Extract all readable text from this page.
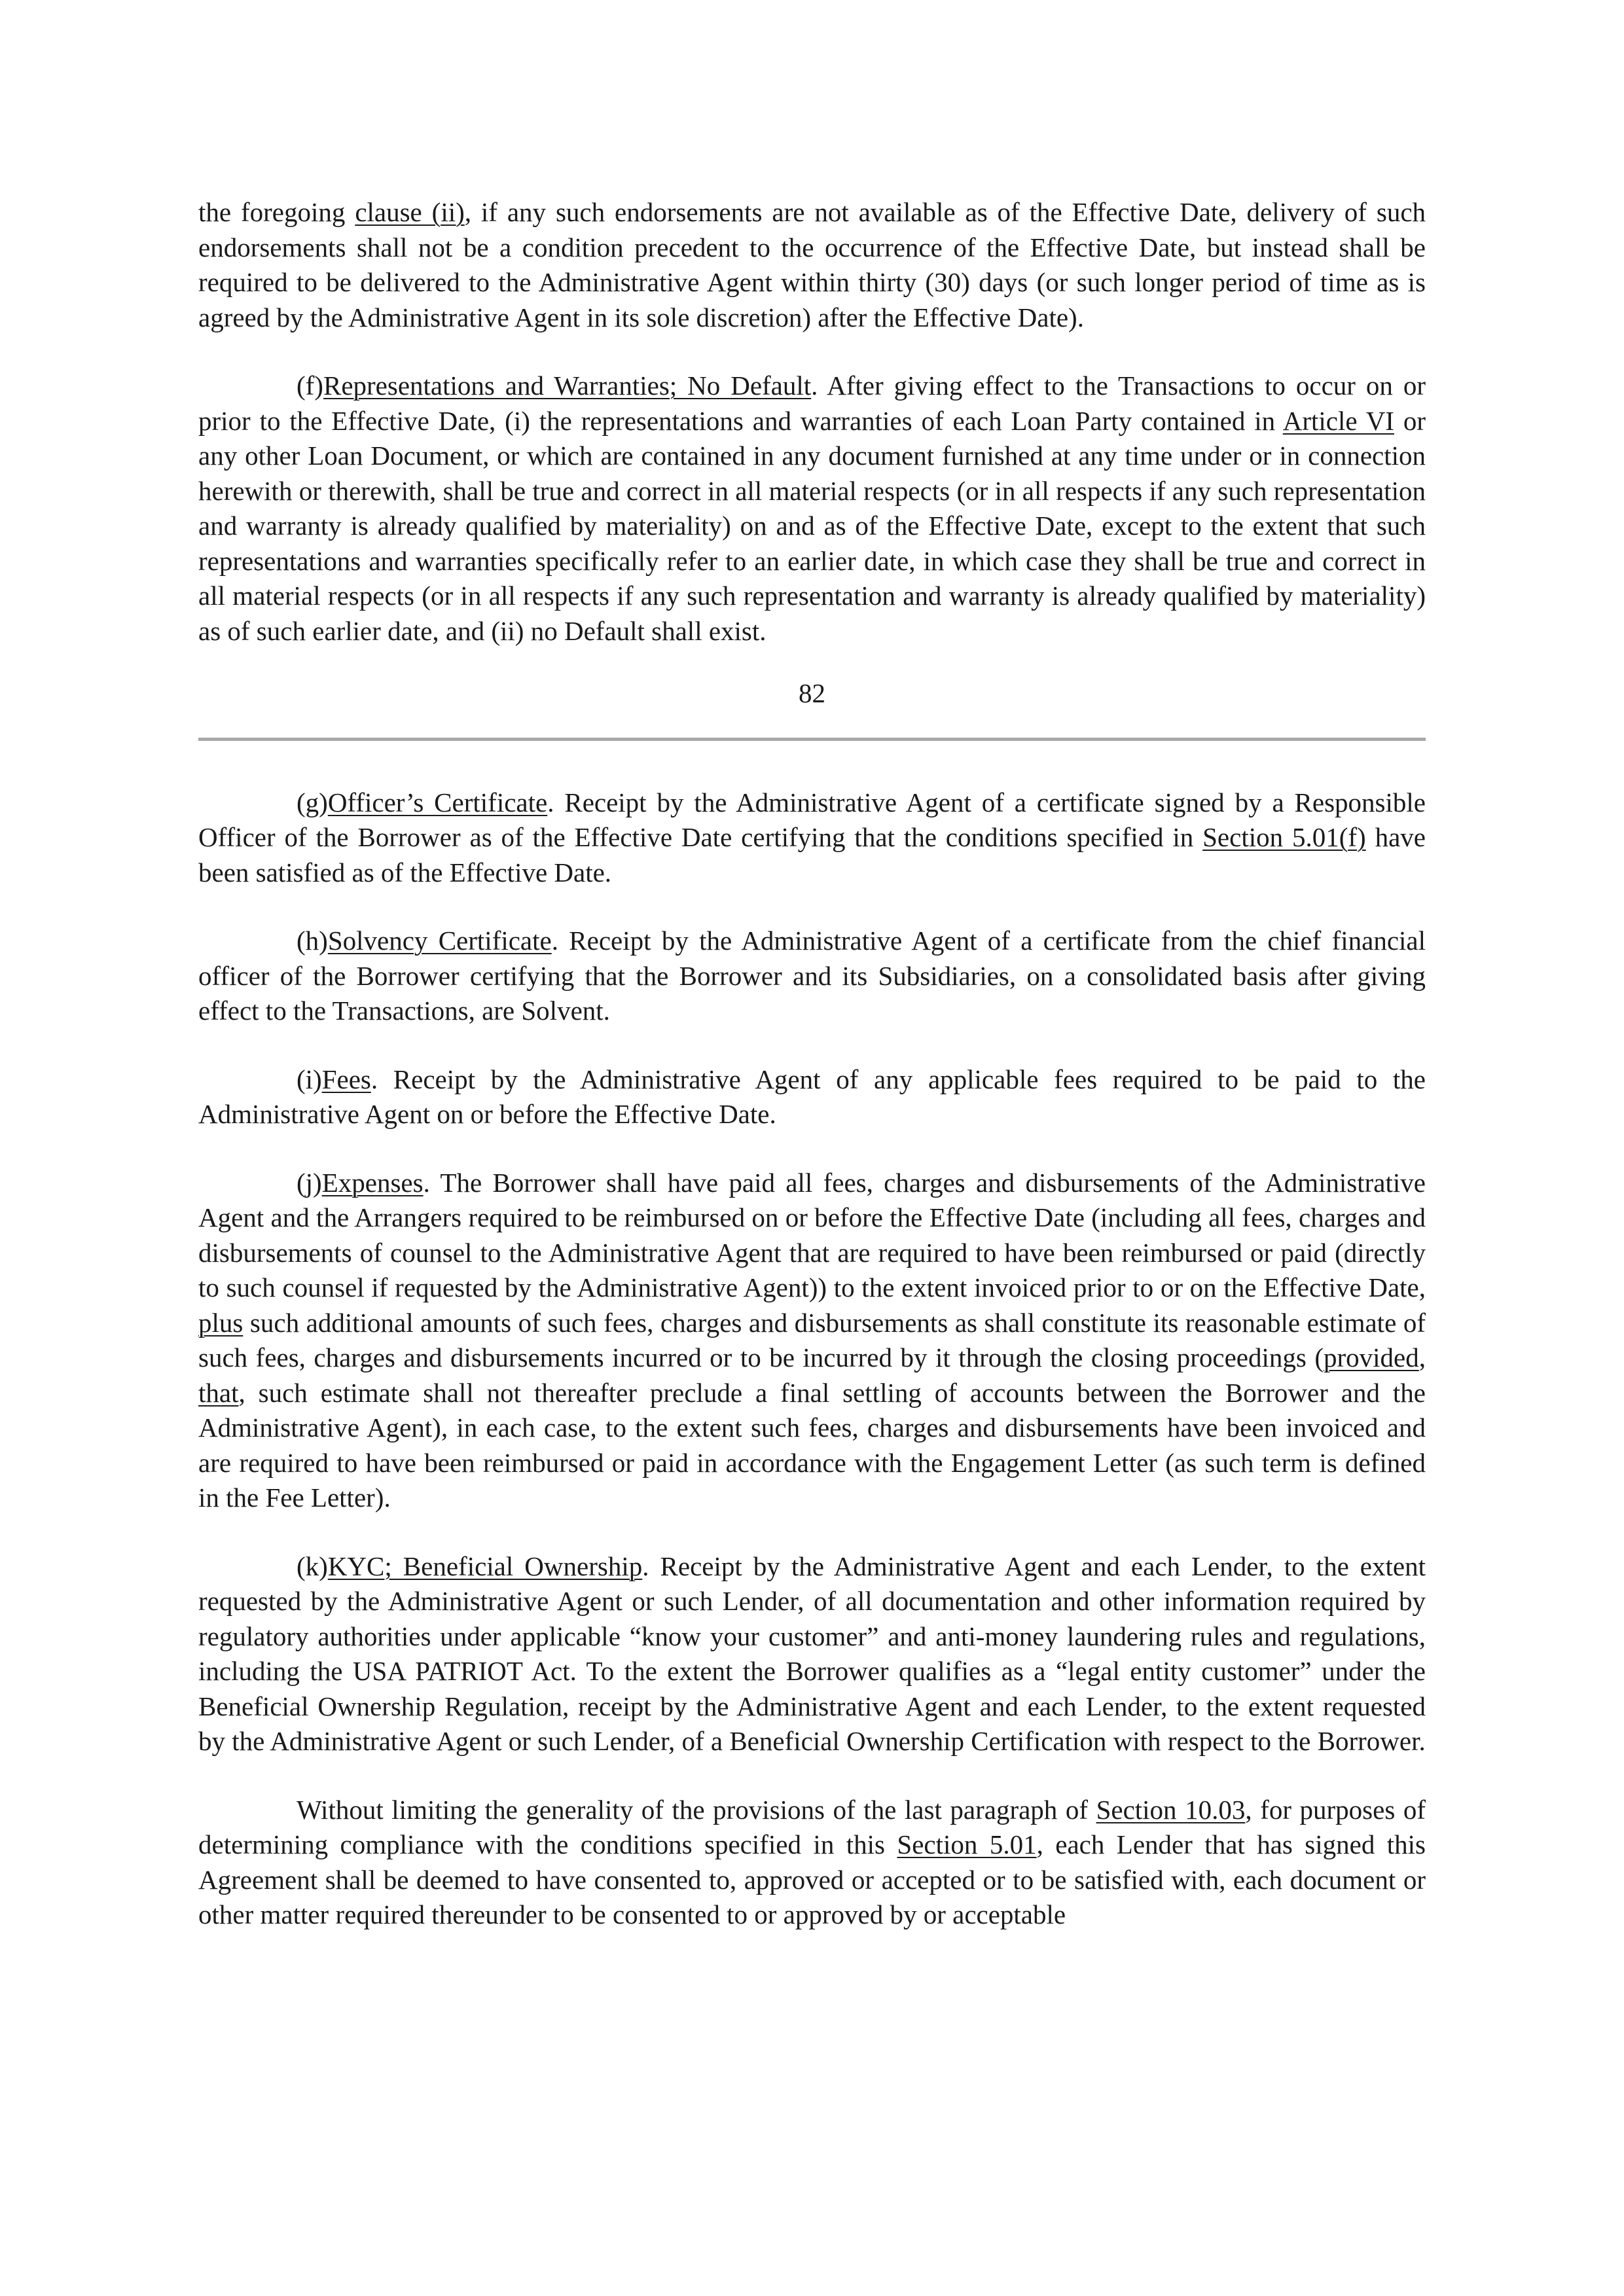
the foregoing clause (ii), if any such endorsements are not available as of the Effective Date, delivery of such endorsements shall not be a condition precedent to the occurrence of the Effective Date, but instead shall be required to be delivered to the Administrative Agent within thirty (30) days (or such longer period of time as is agreed by the Administrative Agent in its sole discretion) after the Effective Date).

(f)Representations and Warranties; No Default. After giving effect to the Transactions to occur on or prior to the Effective Date, (i) the representations and warranties of each Loan Party contained in Article VI or any other Loan Document, or which are contained in any document furnished at any time under or in connection herewith or therewith, shall be true and correct in all material respects (or in all respects if any such representation and warranty is already qualified by materiality) on and as of the Effective Date, except to the extent that such representations and warranties specifically refer to an earlier date, in which case they shall be true and correct in all material respects (or in all respects if any such representation and warranty is already qualified by materiality) as of such earlier date, and (ii) no Default shall exist.

82

(g)Officer’s Certificate. Receipt by the Administrative Agent of a certificate signed by a Responsible Officer of the Borrower as of the Effective Date certifying that the conditions specified in Section 5.01(f) have been satisfied as of the Effective Date.

(h)Solvency Certificate. Receipt by the Administrative Agent of a certificate from the chief financial officer of the Borrower certifying that the Borrower and its Subsidiaries, on a consolidated basis after giving effect to the Transactions, are Solvent.

(i)Fees. Receipt by the Administrative Agent of any applicable fees required to be paid to the Administrative Agent on or before the Effective Date.

(j)Expenses. The Borrower shall have paid all fees, charges and disbursements of the Administrative Agent and the Arrangers required to be reimbursed on or before the Effective Date (including all fees, charges and disbursements of counsel to the Administrative Agent that are required to have been reimbursed or paid (directly to such counsel if requested by the Administrative Agent)) to the extent invoiced prior to or on the Effective Date, plus such additional amounts of such fees, charges and disbursements as shall constitute its reasonable estimate of such fees, charges and disbursements incurred or to be incurred by it through the closing proceedings (provided, that, such estimate shall not thereafter preclude a final settling of accounts between the Borrower and the Administrative Agent), in each case, to the extent such fees, charges and disbursements have been invoiced and are required to have been reimbursed or paid in accordance with the Engagement Letter (as such term is defined in the Fee Letter).

(k)KYC; Beneficial Ownership. Receipt by the Administrative Agent and each Lender, to the extent requested by the Administrative Agent or such Lender, of all documentation and other information required by regulatory authorities under applicable “know your customer” and anti-money laundering rules and regulations, including the USA PATRIOT Act. To the extent the Borrower qualifies as a “legal entity customer” under the Beneficial Ownership Regulation, receipt by the Administrative Agent and each Lender, to the extent requested by the Administrative Agent or such Lender, of a Beneficial Ownership Certification with respect to the Borrower.

Without limiting the generality of the provisions of the last paragraph of Section 10.03, for purposes of determining compliance with the conditions specified in this Section 5.01, each Lender that has signed this Agreement shall be deemed to have consented to, approved or accepted or to be satisfied with, each document or other matter required thereunder to be consented to or approved by or acceptable
